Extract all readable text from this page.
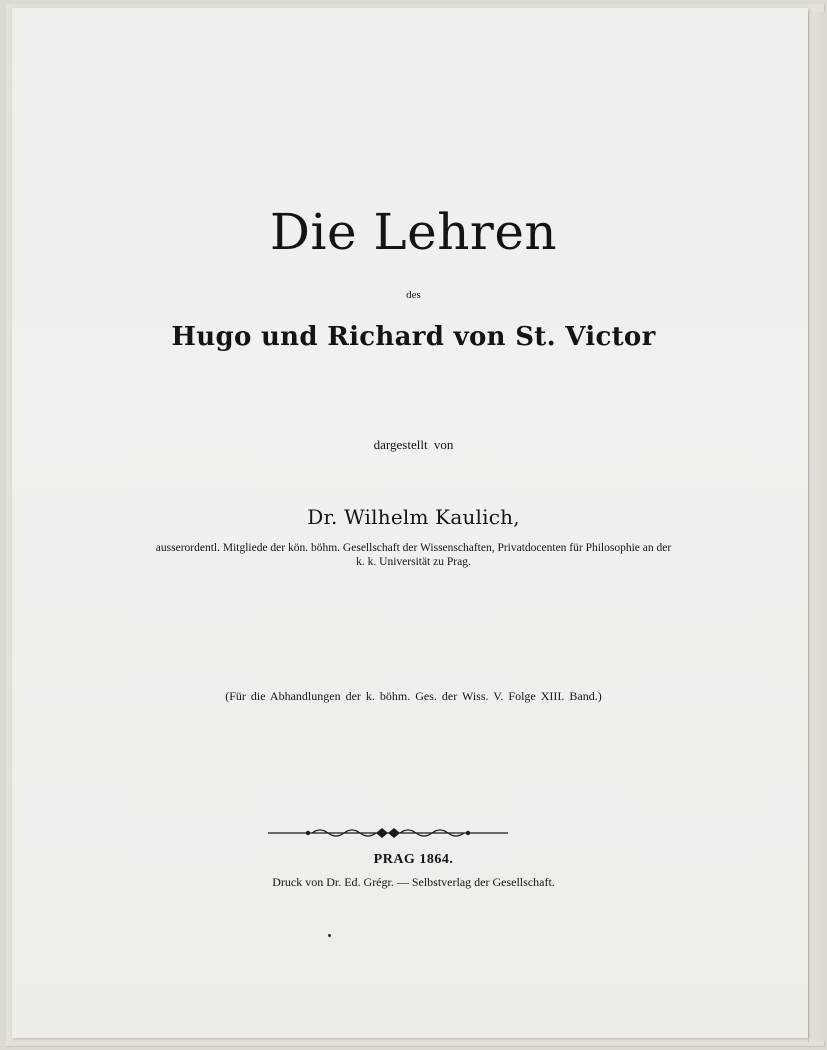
Die Lehren
des
Hugo und Richard von St. Victor
dargestellt von
Dr. Wilhelm Kaulich,
ausserordentl. Mitgliede der kön. böhm. Gesellschaft der Wissenschaften, Privatdocenten für Philosophie an der
k. k. Universität zu Prag.
(Für die Abhandlungen der k. böhm. Ges. der Wiss. V. Folge XIII. Band.)
PRAG 1864.
Druck von Dr. Ed. Grégr. — Selbstverlag der Gesellschaft.
